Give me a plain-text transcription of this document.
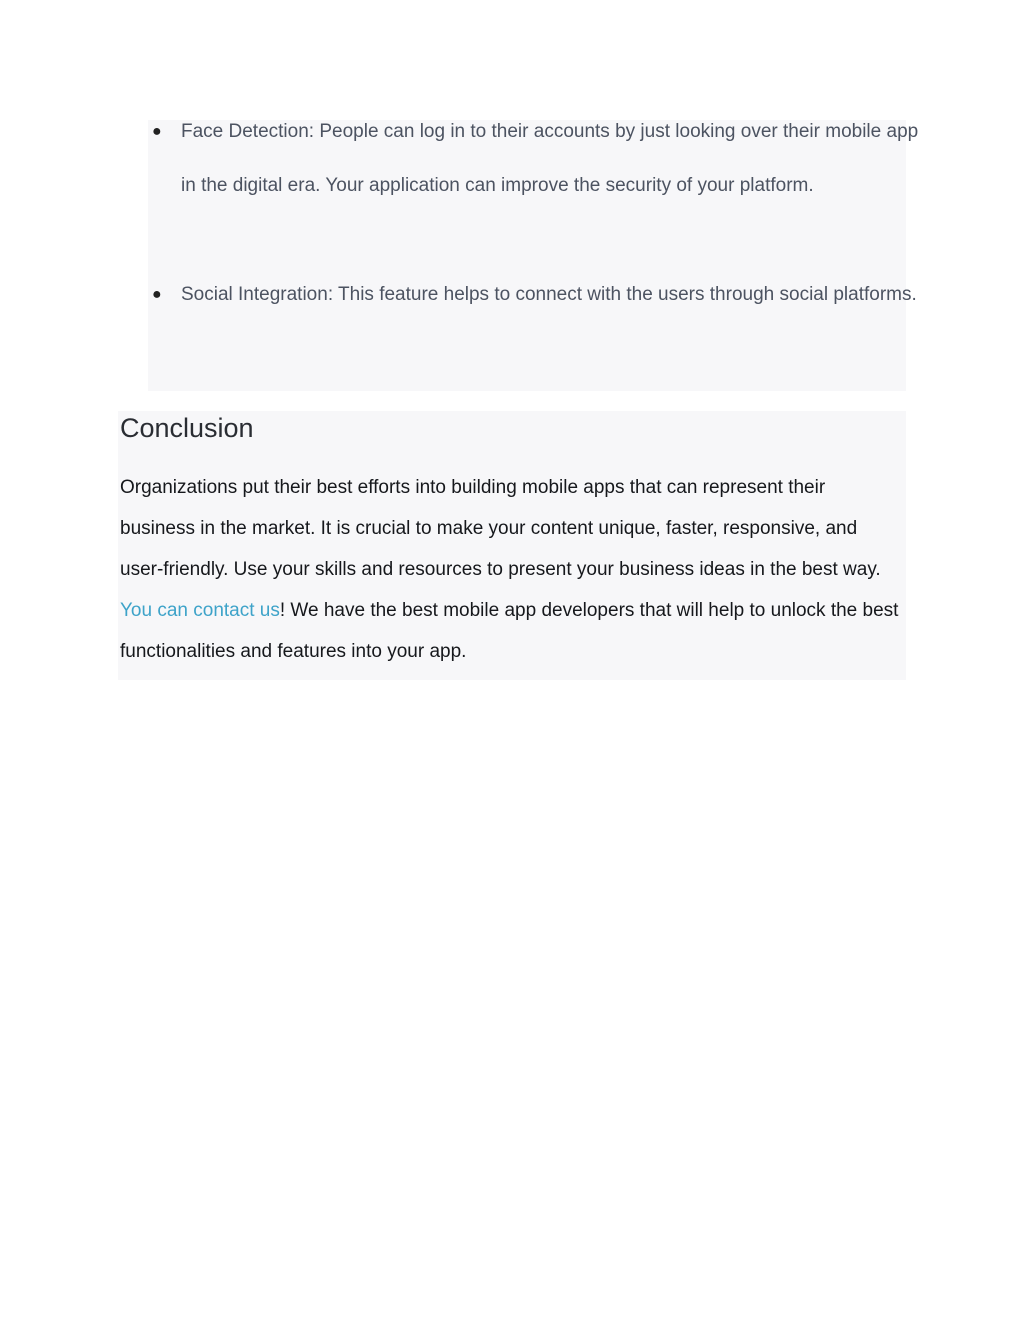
● Face Detection: People can log in to their accounts by just looking over their mobile app in the digital era. Your application can improve the security of your platform.
● Social Integration: This feature helps to connect with the users through social platforms.
Conclusion

Organizations put their best efforts into building mobile apps that can represent their business in the market. It is crucial to make your content unique, faster, responsive, and user-friendly. Use your skills and resources to present your business ideas in the best way. You can contact us! We have the best mobile app developers that will help to unlock the best functionalities and features into your app.
